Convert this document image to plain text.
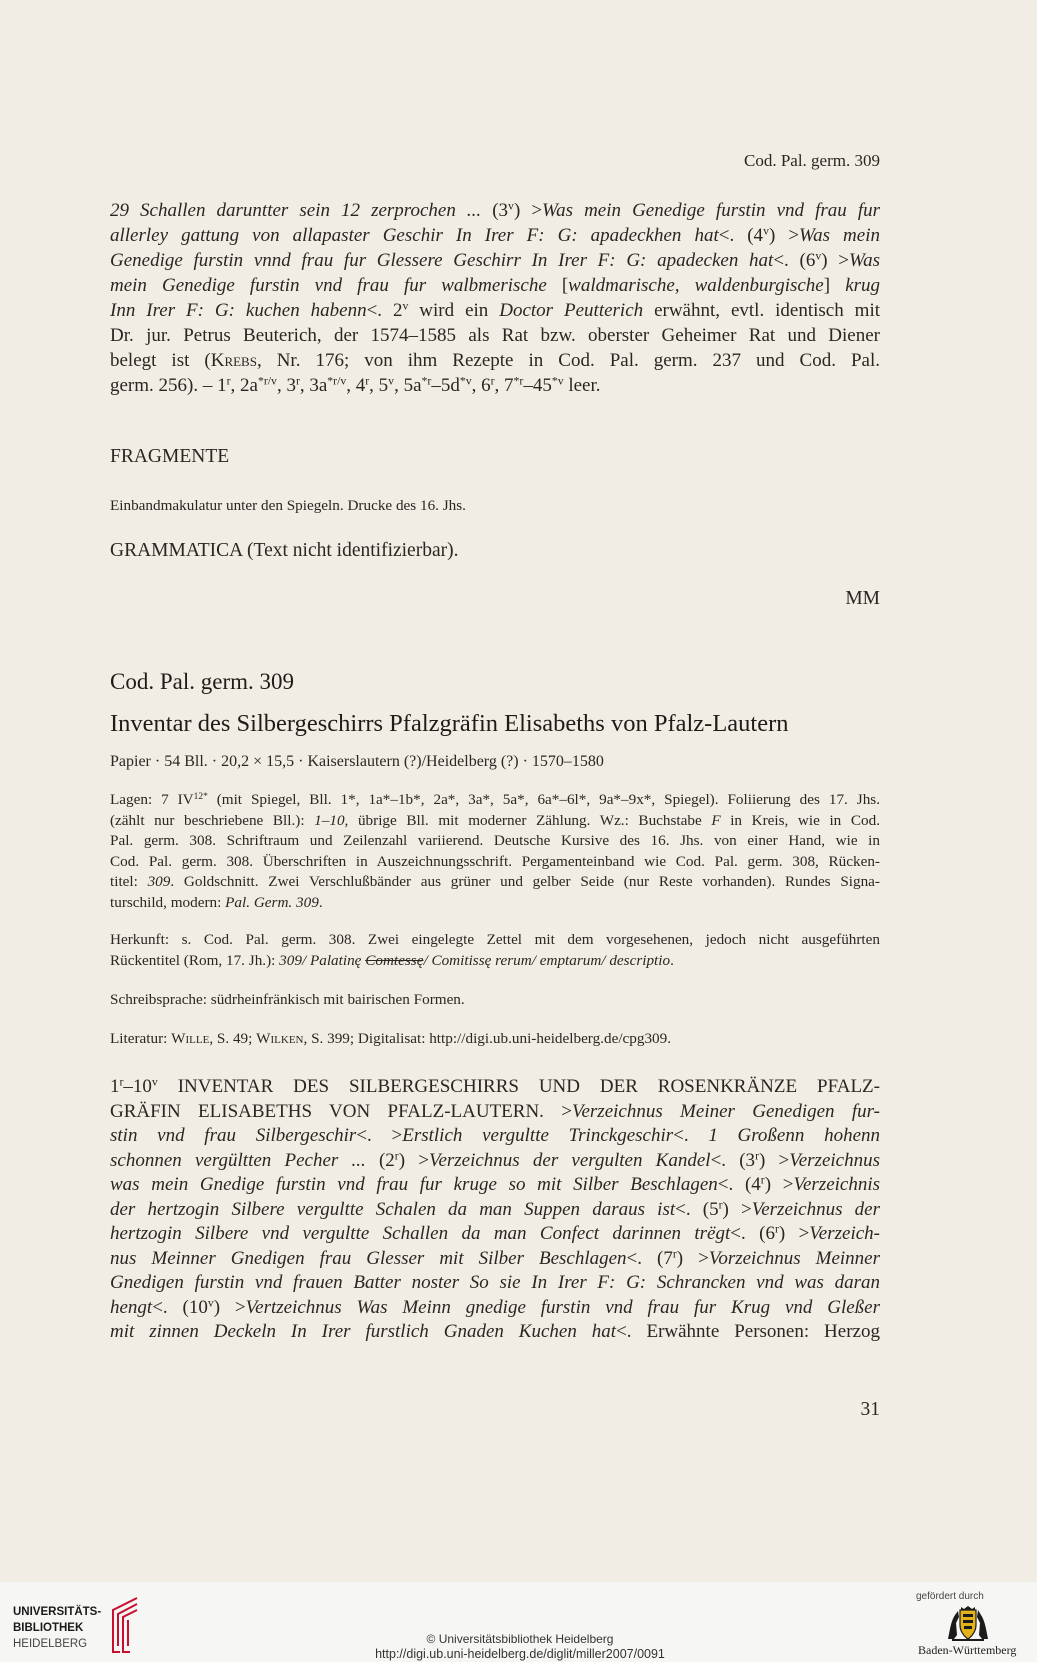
Cod. Pal. germ. 309
29 Schallen daruntter sein 12 zerprochen ... $(3^v) >Was$ mein Genedige furstin vnd frau fur
allerley gattung von allapaster Geschir In Irer F: G: apadeckhen hat<. $(4^v) >Was$ mein
Genedige furstin vnnd frau fur Glessere Geschirr In Irer F: G: apadecken hat<. $(6^v) >Was$
mein Genedige furstin vnd frau fur walbmerische [waldmarische, waldenburgische] krug
Inn Irer F: G: kuchen habenn<. 2$^v$ wird ein Doctor Peutterich erwähnt, evtl. identisch mit
Dr. jur. Petrus Beuterich, der 1574–1585 als Rat bzw. oberster Geheimer Rat und Diener
belegt ist (Krebs, Nr. 176; von ihm Rezepte in Cod. Pal. germ. 237 und Cod. Pal.
germ. 256). – 1$^r$, $2a^{*r/v}$, 3$^r$, $3a^{*r/v}$, 4$^r$, 5$^v$, $5a^{*r}-5d^{*v}$, 6$^r$, 7$^{*r}$–45$^{*v}$ leer.
FRAGMENTE
Einbandmakulatur unter den Spiegeln. Drucke des 16. Jhs.
GRAMMATICA (Text nicht identifizierbar).
MM
Cod. Pal. germ. 309
Inventar des Silbergeschirrs Pfalzgräfin Elisabeths von Pfalz-Lautern
Papier · 54 Bll. · 20,2 × 15,5 · Kaiserslautern (?)/Heidelberg (?) · 1570–1580
Lagen: 7 $IV^{12*}$ (mit Spiegel, Bll. 1*, 1a*–1b*, 2a*, 3a*, 5a*, 6a*–6l*, 9a*–9x*, Spiegel). Foliierung des 17. Jhs.
(zählt nur beschriebene Bll.): 1–10, übrige Bll. mit moderner Zählung. Wz.: Buchstabe F in Kreis, wie in Cod.
Pal. germ. 308. Schriftraum und Zeilenzahl variierend. Deutsche Kursive des 16. Jhs. von einer Hand, wie in
Cod. Pal. germ. 308. Überschriften in Auszeichnungsschrift. Pergamenteinband wie Cod. Pal. germ. 308, Rücken-
titel: 309. Goldschnitt. Zwei Verschlußbänder aus grüner und gelber Seide (nur Reste vorhanden). Rundes Signa-
turschild, modern: Pal. Germ. 309.
Herkunft: s. Cod. Pal. germ. 308. Zwei eingelegte Zettel mit dem vorgesehenen, jedoch nicht ausgeführten
Rückentitel (Rom, 17. Jh.): 309/ Palatinę Comtessę/ Comitissę rerum/ emptarum/ descriptio.
Schreibsprache: südrheinfränkisch mit bairischen Formen.
Literatur: Wille, S. 49; Wilken, S. 399; Digitalisat: http://digi.ub.uni-heidelberg.de/cpg309.
1$^r$–10$^v$ INVENTAR DES SILBERGESCHIRRS UND DER ROSENKRÄNZE PFALZ-
GRÄFIN ELISABETHS VON PFALZ-LAUTERN. >Verzeichnus Meiner Genedigen fur-
stin vnd frau Silbergeschir<. >Erstlich vergultte Trinckgeschir<. 1 Großenn hohenn
schonnen vergültten Pecher ... $(2^r)$ >Verzeichnus der vergulten Kandel<. $(3^r)$ >Verzeichnus
was mein Gnedige furstin vnd frau fur kruge so mit Silber Beschlagen<. $(4^r)$ >Verzeichnis
der hertzogin Silbere vergultte Schalen da man Suppen daraus ist<. $(5^r)$ >Verzeichnus der
hertzogin Silbere vnd vergultte Schallen da man Confect darinnen trëgt<. $(6^r)$ >Verzeich-
nus Meinner Gnedigen frau Glesser mit Silber Beschlagen<. $(7^r)$ >Vorzeichnus Meinner
Gnedigen furstin vnd frauen Batter noster So sie In Irer F: G: Schrancken vnd was daran
hengt<. $(10^v)$ >Vertzeichnus Was Meinn gnedige furstin vnd frau fur Krug vnd Gleßer
mit zinnen Deckeln In Irer furstlich Gnaden Kuchen hat<. Erwähnte Personen: Herzog
31
UNIVERSITÄTS-
BIBLIOTHEK
HEIDELBERG	© Universitätsbibliothek Heidelberg
http://digi.ub.uni-heidelberg.de/diglit/miller2007/0091
gefördert durch
Baden-Württemberg
